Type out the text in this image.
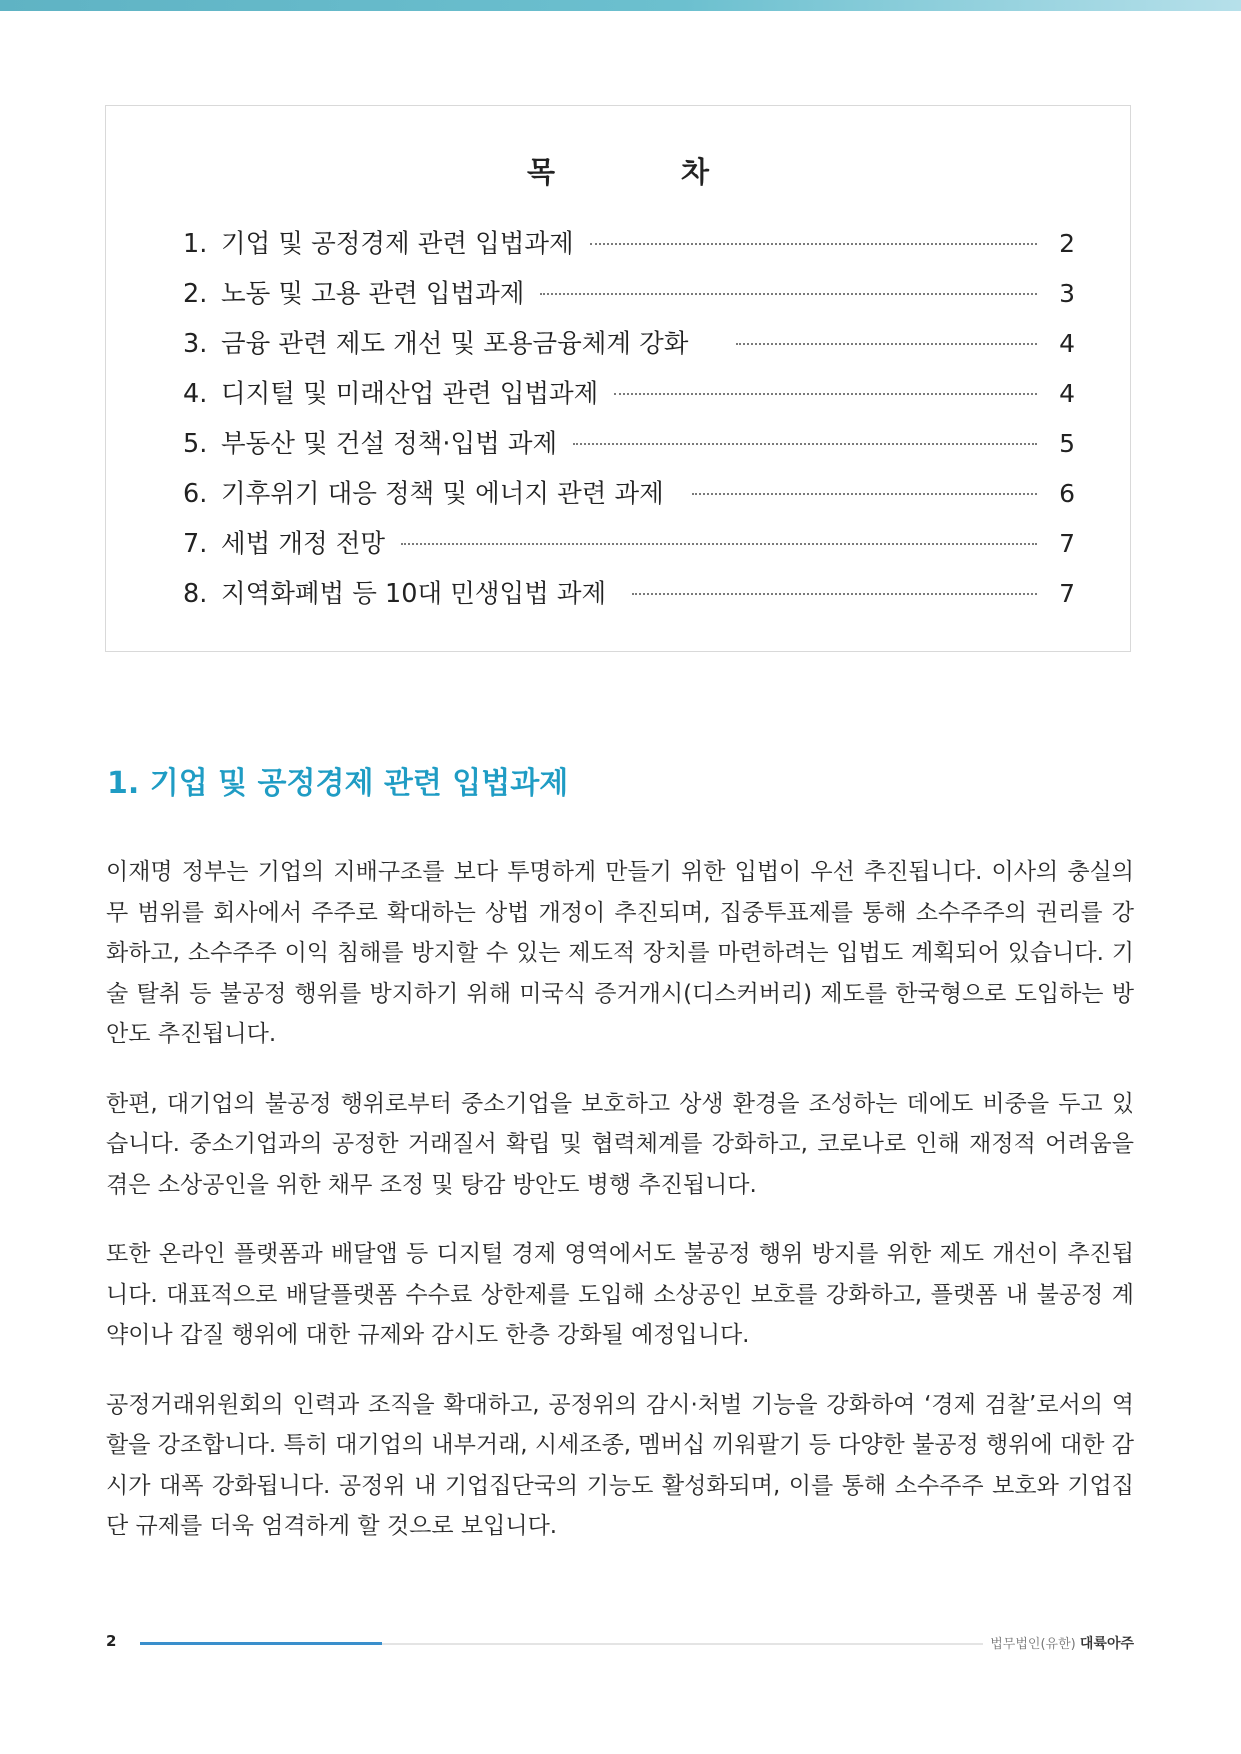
목 차
1. 기업 및 공정경제 관련 입법과제	2
2. 노동 및 고용 관련 입법과제	3
3. 금융 관련 제도 개선 및 포용금융체계 강화	4
4. 디지털 및 미래산업 관련 입법과제	4
5. 부동산 및 건설 정책·입법 과제	5
6. 기후위기 대응 정책 및 에너지 관련 과제	6
7. 세법 개정 전망	7
8. 지역화폐법 등 10대 민생입법 과제	7
1. 기업 및 공정경제 관련 입법과제

이재명 정부는 기업의 지배구조를 보다 투명하게 만들기 위한 입법이 우선 추진됩니다. 이사의 충실의무 범위를 회사에서 주주로 확대하는 상법 개정이 추진되며, 집중투표제를 통해 소수주주의 권리를 강화하고, 소수주주 이익 침해를 방지할 수 있는 제도적 장치를 마련하려는 입법도 계획되어 있습니다. 기술 탈취 등 불공정 행위를 방지하기 위해 미국식 증거개시(디스커버리) 제도를 한국형으로 도입하는 방안도 추진됩니다.

한편, 대기업의 불공정 행위로부터 중소기업을 보호하고 상생 환경을 조성하는 데에도 비중을 두고 있습니다. 중소기업과의 공정한 거래질서 확립 및 협력체계를 강화하고, 코로나로 인해 재정적 어려움을 겪은 소상공인을 위한 채무 조정 및 탕감 방안도 병행 추진됩니다.

또한 온라인 플랫폼과 배달앱 등 디지털 경제 영역에서도 불공정 행위 방지를 위한 제도 개선이 추진됩니다. 대표적으로 배달플랫폼 수수료 상한제를 도입해 소상공인 보호를 강화하고, 플랫폼 내 불공정 계약이나 갑질 행위에 대한 규제와 감시도 한층 강화될 예정입니다.

공정거래위원회의 인력과 조직을 확대하고, 공정위의 감시·처벌 기능을 강화하여 ‘경제 검찰’로서의 역할을 강조합니다. 특히 대기업의 내부거래, 시세조종, 멤버십 끼워팔기 등 다양한 불공정 행위에 대한 감시가 대폭 강화됩니다. 공정위 내 기업집단국의 기능도 활성화되며, 이를 통해 소수주주 보호와 기업집단 규제를 더욱 엄격하게 할 것으로 보입니다.

2	법무법인(유한) 대륙아주
